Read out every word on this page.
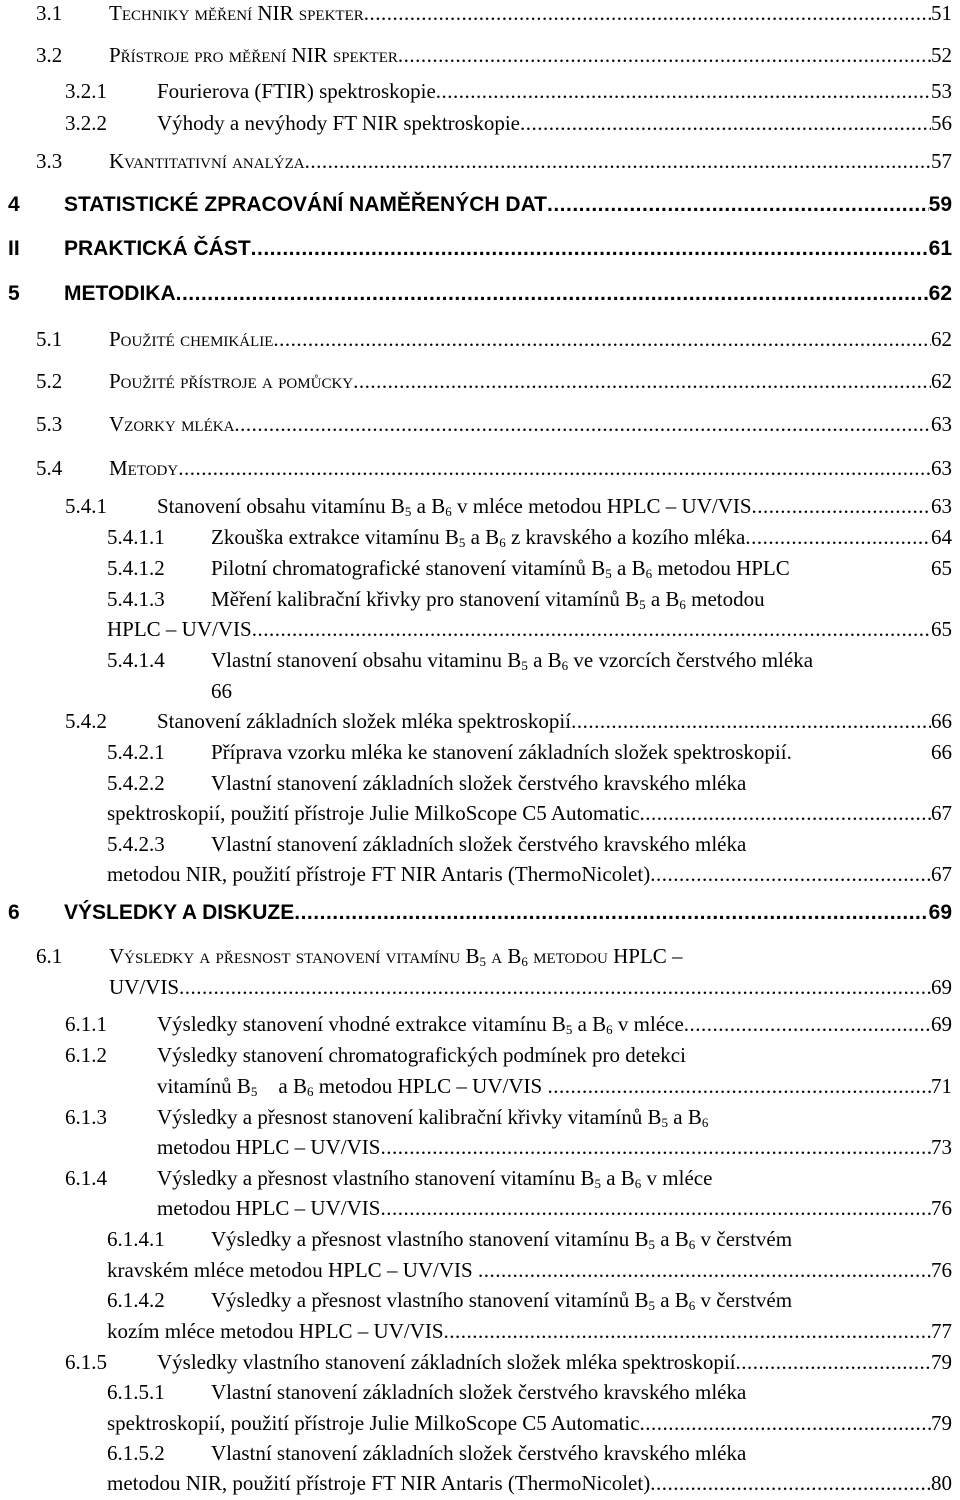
3.1 Techniky měření NIR spekter .....	51
3.2 Přístroje pro měření NIR spekter .....	52
3.2.1 Fourierova (FTIR) spektroskopie .....	53
3.2.2 Výhody a nevýhody FT NIR spektroskopie .....	56
3.3 Kvantitativní analýza .....	57
4 STATISTICKÉ ZPRACOVÁNÍ NAMĚŘENÝCH DAT .....	59
II PRAKTICKÁ ČÁST .....	61
5 METODIKA .....	62
5.1 Použité chemikálie .....	62
5.2 Použité přístroje a pomůcky .....	62
5.3 Vzorky mléka .....	63
5.4 Metody .....	63
5.4.1 Stanovení obsahu vitamínu $B_5$ a $B_6$ v mléce metodou HPLC – UV/VIS .....	63
5.4.1.1 Zkouška extrakce vitamínu $B_5$ a $B_6$ z kravského a kozího mléka .....	64
5.4.1.2 Pilotní chromatografické stanovení vitamínů $B_5$ a $B_6$ metodou HPLC	65
5.4.1.3 Měření kalibrační křivky pro stanovení vitamínů $B_5$ a $B_6$ metodou
HPLC – UV/VIS .....	65
5.4.1.4 Vlastní stanovení obsahu vitaminu $B_5$ a $B_6$ ve vzorcích čerstvého mléka
66
5.4.2 Stanovení základních složek mléka spektroskopií .....	66
5.4.2.1 Příprava vzorku mléka ke stanovení základních složek spektroskopií.	66
5.4.2.2 Vlastní stanovení základních složek čerstvého kravského mléka
spektroskopií, použití přístroje Julie MilkoScope C5 Automatic .....	67
5.4.2.3 Vlastní stanovení základních složek čerstvého kravského mléka
metodou NIR, použití přístroje FT NIR Antaris (ThermoNicolet) .....	67
6 VÝSLEDKY A DISKUZE .....	69
6.1 Výsledky a přesnost stanovení vitamínu $B_5$ a $B_6$ metodou HPLC –
UV/VIS .....	69
6.1.1 Výsledky stanovení vhodné extrakce vitamínu $B_5$ a $B_6$ v mléce .....	69
6.1.2 Výsledky stanovení chromatografických podmínek pro detekci
vitamínů $B_5$    a $B_6$ metodou HPLC – UV/VIS .....	71
6.1.3 Výsledky a přesnost stanovení kalibrační křivky vitamínů $B_5$ a $B_6$
metodou HPLC – UV/VIS .....	73
6.1.4 Výsledky a přesnost vlastního stanovení vitamínu $B_5$ a $B_6$ v mléce
metodou HPLC – UV/VIS .....	76
6.1.4.1 Výsledky a přesnost vlastního stanovení vitamínu $B_5$ a $B_6$ v čerstvém
kravském mléce metodou HPLC – UV/VIS .....	76
6.1.4.2 Výsledky a přesnost vlastního stanovení vitamínů $B_5$ a $B_6$ v čerstvém
kozím mléce metodou HPLC – UV/VIS .....	77
6.1.5 Výsledky vlastního stanovení základních složek mléka spektroskopií .....	79
6.1.5.1 Vlastní stanovení základních složek čerstvého kravského mléka
spektroskopií, použití přístroje Julie MilkoScope C5 Automatic .....	79
6.1.5.2 Vlastní stanovení základních složek čerstvého kravského mléka
metodou NIR, použití přístroje FT NIR Antaris (ThermoNicolet) .....	80
